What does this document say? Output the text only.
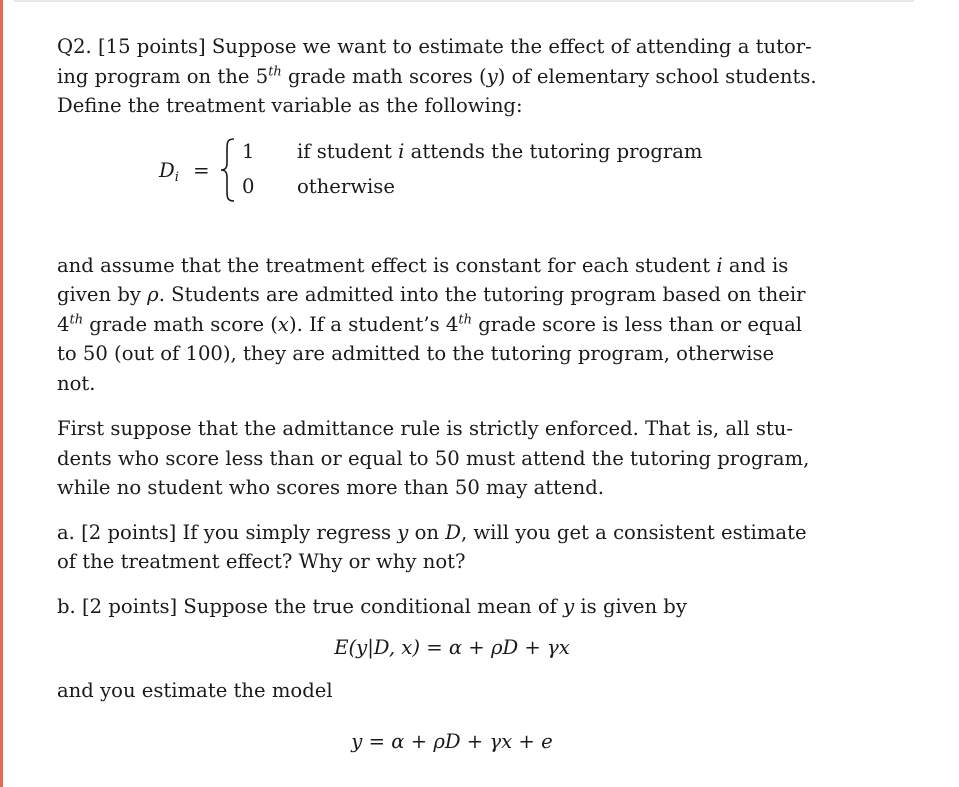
Q2. [15 points] Suppose we want to estimate the effect of attending a tutor-
ing program on the 5th grade math scores (y) of elementary school students.
Define the treatment variable as the following:

$D_i$ =
1 if student i attends the tutoring program
0 otherwise

and assume that the treatment effect is constant for each student i and is
given by ρ. Students are admitted into the tutoring program based on their
4th grade math score (x). If a student’s 4th grade score is less than or equal
to 50 (out of 100), they are admitted to the tutoring program, otherwise
not.

First suppose that the admittance rule is strictly enforced. That is, all stu-
dents who score less than or equal to 50 must attend the tutoring program,
while no student who scores more than 50 may attend.

a. [2 points] If you simply regress y on D, will you get a consistent estimate
of the treatment effect? Why or why not?

b. [2 points] Suppose the true conditional mean of y is given by

E(y|D, x) = α + ρD + γx

and you estimate the model

y = α + ρD + γx + e
